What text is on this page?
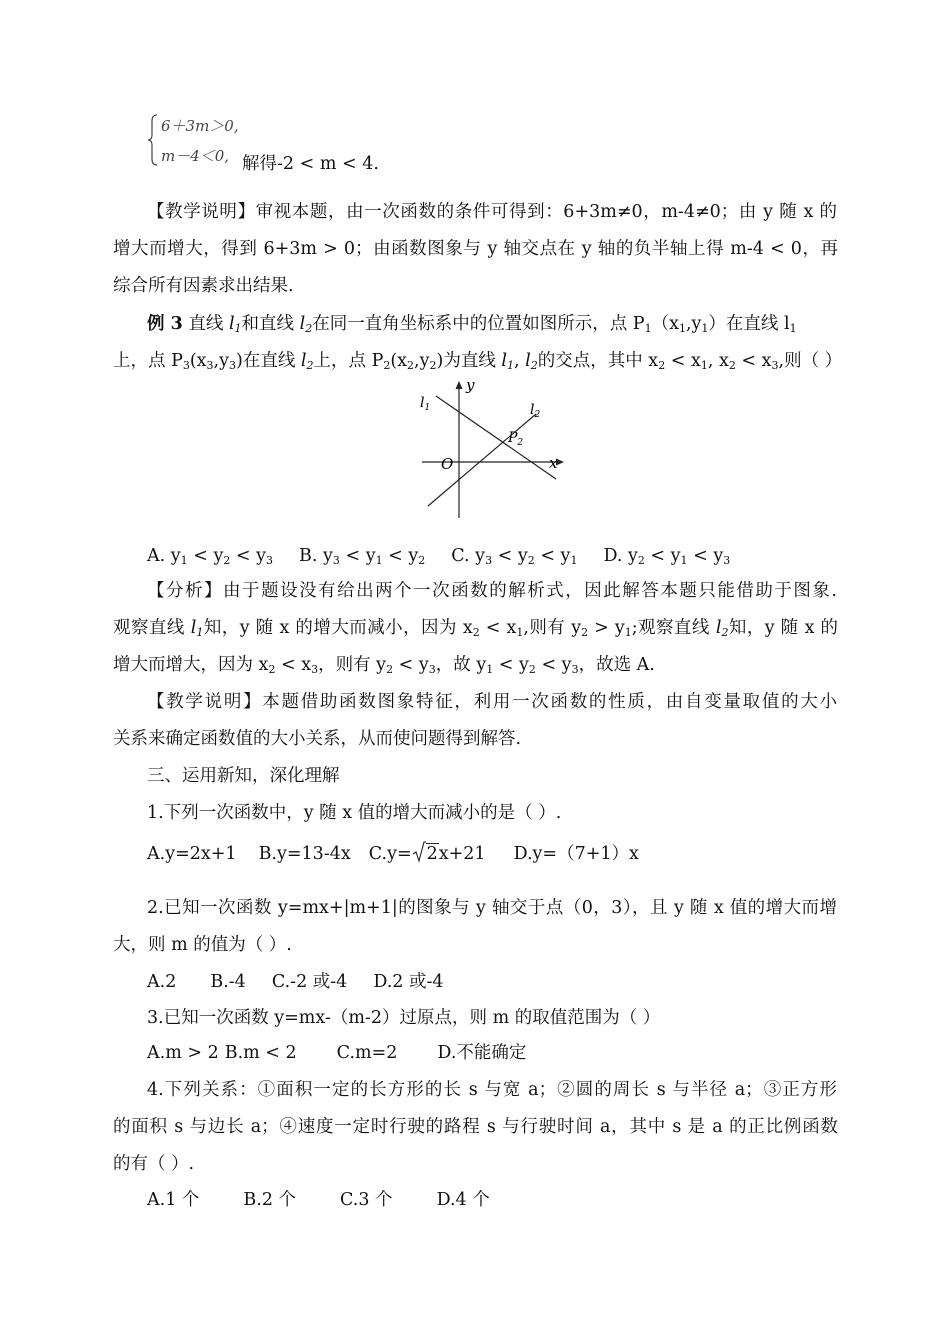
6＋3m＞0,
m－4＜0, 解得-2 < m < 4.
【教学说明】审视本题，由一次函数的条件可得到：6+3m≠0，m-4≠0；由 y 随 x 的
增大而增大，得到 6+3m > 0；由函数图象与 y 轴交点在 y 轴的负半轴上得 m-4 < 0，再
综合所有因素求出结果.
例 3 直线 $l_1$和直线 $l_2$在同一直角坐标系中的位置如图所示，点 $P_1(x_1,y_1)$在直线 $l_1$
上，点 $P_3(x_3,y_3)$在直线 $l_2$上，点 $P_2(x_2,y_2)$为直线 $l_1$, $l_2$的交点，其中 $x_2 < x_1$, $x_2 < x_3$,则（ ）
$l_1$	$l_2$
y
x
O
$P_2$
A. $y_1 < y_2 < y_3$ B. $y_3 < y_1 < y_2$ C. $y_3 < y_2 < y_1$ D. $y_2 < y_1 < y_3$
【分析】由于题设没有给出两个一次函数的解析式，因此解答本题只能借助于图象.
观察直线 $l_1$知，y 随 x 的增大而减小，因为 $x_2 < x_1$,则有 $y_2 > y_1$;观察直线 $l_2$知，y 随 x 的
增大而增大，因为 $x_2 < x_3$，则有 $y_2 < y_3$，故 $y_1 < y_2 < y_3$，故选 A.
【教学说明】本题借助函数图象特征，利用一次函数的性质，由自变量取值的大小
关系来确定函数值的大小关系，从而使问题得到解答.
三、运用新知，深化理解
1.下列一次函数中，y 随 x 值的增大而减小的是（ ）.
A.y=2x+1 B.y=13-4x C.y= 2x+21 D.y=（7+1）x
2.已知一次函数 y=mx+|m+1|的图象与 y 轴交于点（0，3），且 y 随 x 值的增大而增
大，则 m 的值为（ ）.
A.2 B.-4 C.-2 或-4 D.2 或-4
3.已知一次函数 y=mx-（m-2）过原点，则 m 的取值范围为（ ）
A.m > 2 B.m < 2 C.m=2 D.不能确定
4.下列关系：①面积一定的长方形的长 s 与宽 a；②圆的周长 s 与半径 a；③正方形
的面积 s 与边长 a；④速度一定时行驶的路程 s 与行驶时间 a，其中 s 是 a 的正比例函数
的有（ ）.
A.1 个	B.2 个	C.3 个	D.4 个
